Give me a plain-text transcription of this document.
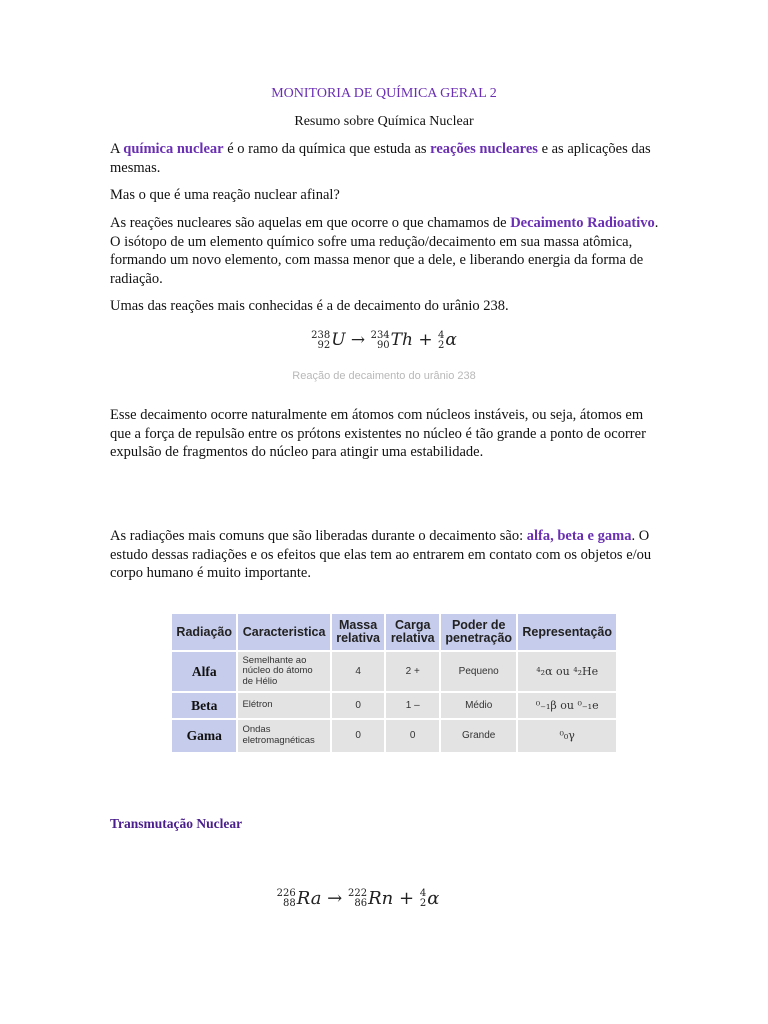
MONITORIA DE QUÍMICA GERAL 2
Resumo sobre Química Nuclear
A química nuclear é o ramo da química que estuda as reações nucleares e as aplicações das mesmas.
Mas o que é uma reação nuclear afinal?
As reações nucleares são aquelas em que ocorre o que chamamos de Decaimento Radioativo. O isótopo de um elemento químico sofre uma redução/decaimento em sua massa atômica, formando um novo elemento, com massa menor que a dele, e liberando energia da forma de radiação.
Umas das reações mais conhecidas é a de decaimento do urânio 238.
238
92 U → 234
90 Th + 4
2 α
Reação de decaimento do urânio 238
Esse decaimento ocorre naturalmente em átomos com núcleos instáveis, ou seja, átomos em que a força de repulsão entre os prótons existentes no núcleo é tão grande a ponto de ocorrer expulsão de fragmentos do núcleo para atingir uma estabilidade.
As radiações mais comuns que são liberadas durante o decaimento são: alfa, beta e gama. O estudo dessas radiações e os efeitos que elas tem ao entrarem em contato com os objetos e/ou corpo humano é muito importante.
Radiação	Caracteristica	Massa relativa	Carga relativa	Poder de penetração	Representação
Alfa	Semelhante ao núcleo do átomo de Hélio	4	2 +	Pequeno	⁴₂α ou ⁴₂He
Beta	Elétron	0	1 –	Médio	⁰₋₁β ou ⁰₋₁e
Gama	Ondas eletromagnéticas	0	0	Grande	⁰₀γ
Transmutação Nuclear
226
88 Ra → 222
86 Rn + 4
2 α
